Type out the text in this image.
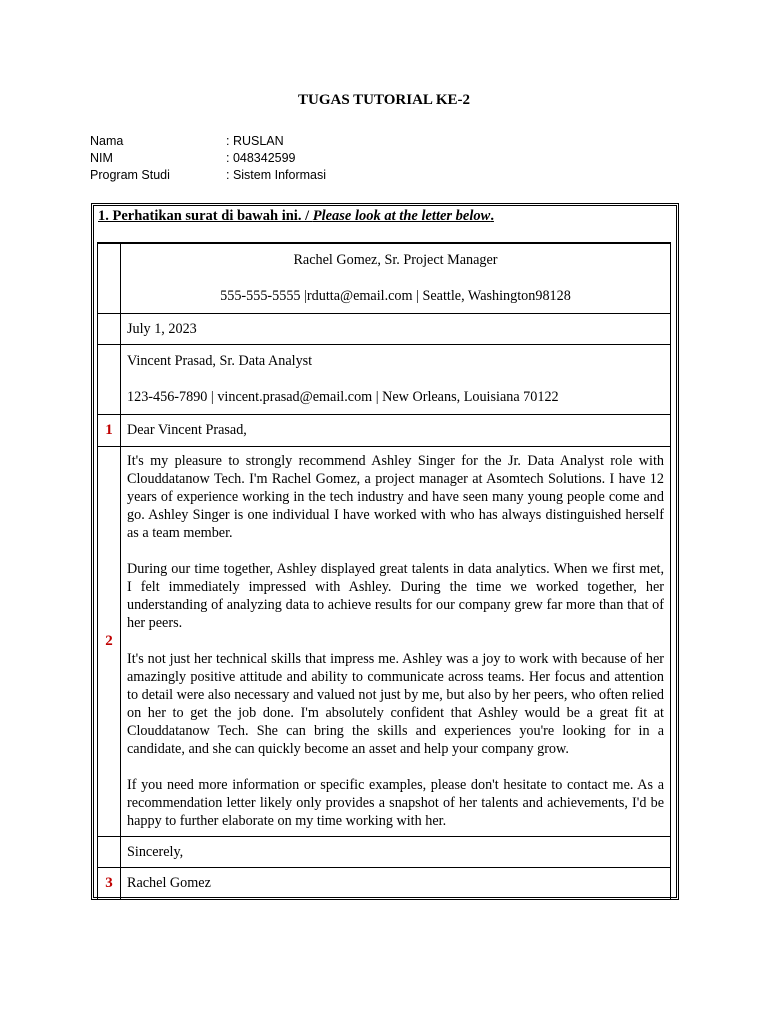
TUGAS TUTORIAL KE-2
Nama	: RUSLAN
NIM	: 048342599
Program Studi	: Sistem Informasi
1. Perhatikan surat di bawah ini. / Please look at the letter below.

	Rachel Gomez, Sr. Project Manager
555-555-5555 |rdutta@email.com | Seattle, Washington98128

	July 1, 2023

	Vincent Prasad, Sr. Data Analyst
123-456-7890 | vincent.prasad@email.com | New Orleans, Louisiana 70122

1	Dear Vincent Prasad,
2	It's my pleasure to strongly recommend Ashley Singer for the Jr. Data Analyst role with Clouddatanow Tech. I'm Rachel Gomez, a project manager at Asomtech Solutions. I have 12 years of experience working in the tech industry and have seen many young people come and go. Ashley Singer is one individual I have worked with who has always distinguished herself as a team member.

During our time together, Ashley displayed great talents in data analytics. When we first met, I felt immediately impressed with Ashley. During the time we worked together, her understanding of analyzing data to achieve results for our company grew far more than that of her peers.

It's not just her technical skills that impress me. Ashley was a joy to work with because of her amazingly positive attitude and ability to communicate across teams. Her focus and attention to detail were also necessary and valued not just by me, but also by her peers, who often relied on her to get the job done. I'm absolutely confident that Ashley would be a great fit at Clouddatanow Tech. She can bring the skills and experiences you're looking for in a candidate, and she can quickly become an asset and help your company grow.

If you need more information or specific examples, please don't hesitate to contact me. As a recommendation letter likely only provides a snapshot of her talents and achievements, I'd be happy to further elaborate on my time working with her.

	Sincerely,
3	Rachel Gomez
